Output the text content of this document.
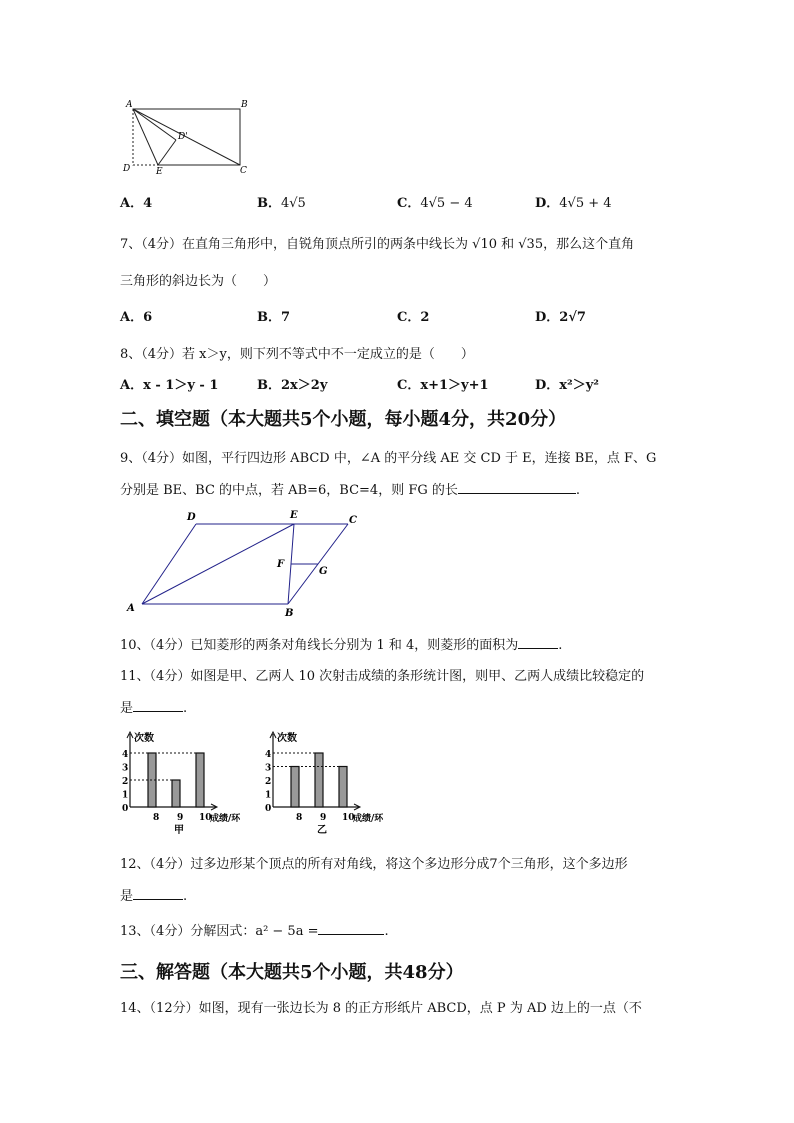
A	B
C
D	E
D'
A．4	B．4√5	C．4√5 − 4	D．4√5 + 4
7、（4分）在直角三角形中，自锐角顶点所引的两条中线长为 √10 和 √35，那么这个直角
三角形的斜边长为（　　）
A．6	B．7	C．2	D．2√7
8、（4分）若 x＞y，则下列不等式中不一定成立的是（　　）
A．x - 1＞y - 1	B．2x＞2y	C．x+1＞y+1	D．x²＞y²
二、填空题（本大题共5个小题，每小题4分，共20分）
9、（4分）如图，平行四边形 ABCD 中，∠A 的平分线 AE 交 CD 于 E，连接 BE，点 F、G
分别是 BE、BC 的中点，若 AB=6，BC=4，则 FG 的长	.
A	B
C
D	E
F
G
10、（4分）已知菱形的两条对角线长分别为 1 和 4，则菱形的面积为	.
11、（4分）如图是甲、乙两人 10 次射击成绩的条形统计图，则甲、乙两人成绩比较稳定的
是	.
0
1
2
3
4
8 9 10
次数
成绩/环
甲
0
1
2
3
4
8 9 10
次数
成绩/环
乙
12、（4分）过多边形某个顶点的所有对角线，将这个多边形分成7个三角形，这个多边形
是	.
13、（4分）分解因式：a² − 5a =	.
三、解答题（本大题共5个小题，共48分）
14、（12分）如图，现有一张边长为 8 的正方形纸片 ABCD，点 P 为 AD 边上的一点（不
